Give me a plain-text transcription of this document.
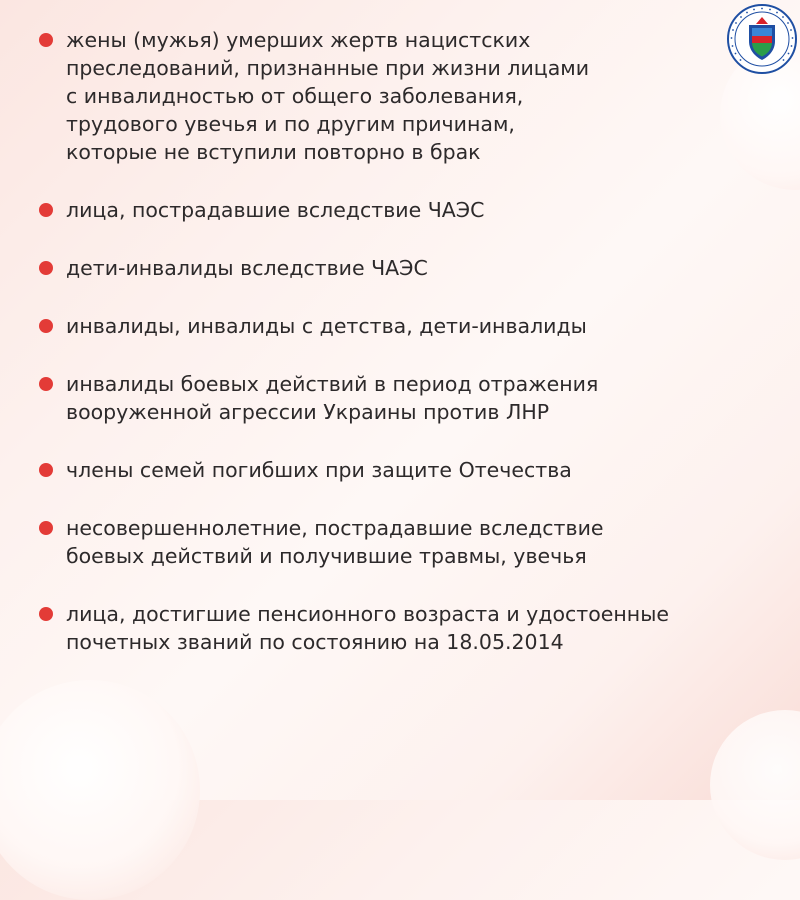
жены (мужья) умерших жертв нацистских
преследований, признанные при жизни лицами
с инвалидностью от общего заболевания,
трудового увечья и по другим причинам,
которые не вступили повторно в брак
лица, пострадавшие вследствие ЧАЭС
дети-инвалиды вследствие ЧАЭС
инвалиды, инвалиды с детства, дети-инвалиды
инвалиды боевых действий в период отражения
вооруженной агрессии Украины против ЛНР
члены семей погибших при защите Отечества
несовершеннолетние, пострадавшие вследствие
боевых действий и получившие травмы, увечья
лица, достигшие пенсионного возраста и удостоенные
почетных званий по состоянию на 18.05.2014
